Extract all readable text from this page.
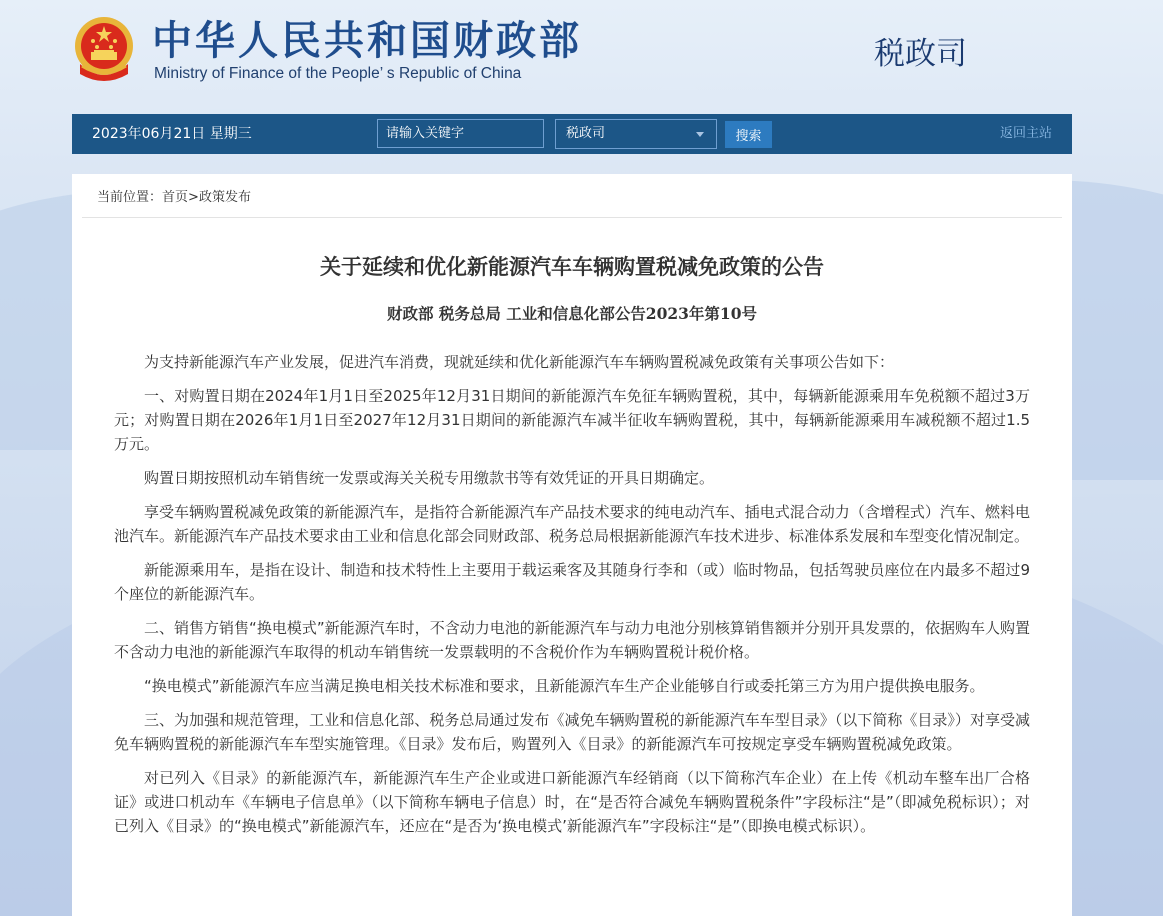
中华人民共和国财政部
Ministry of Finance of the People’ s Republic of China
税政司
2023年06月21日 星期三
请输入关键字	税政司	搜索	返回主站
当前位置：首页>政策发布
关于延续和优化新能源汽车车辆购置税减免政策的公告
财政部 税务总局 工业和信息化部公告2023年第10号

为支持新能源汽车产业发展，促进汽车消费，现就延续和优化新能源汽车车辆购置税减免政策有关事项公告如下：

一、对购置日期在2024年1月1日至2025年12月31日期间的新能源汽车免征车辆购置税，其中，每辆新能源乘用车免税额不超过3万元；对购置日期在2026年1月1日至2027年12月31日期间的新能源汽车减半征收车辆购置税，其中，每辆新能源乘用车减税额不超过1.5万元。

购置日期按照机动车销售统一发票或海关关税专用缴款书等有效凭证的开具日期确定。

享受车辆购置税减免政策的新能源汽车，是指符合新能源汽车产品技术要求的纯电动汽车、插电式混合动力（含增程式）汽车、燃料电池汽车。新能源汽车产品技术要求由工业和信息化部会同财政部、税务总局根据新能源汽车技术进步、标准体系发展和车型变化情况制定。

新能源乘用车，是指在设计、制造和技术特性上主要用于载运乘客及其随身行李和（或）临时物品，包括驾驶员座位在内最多不超过9个座位的新能源汽车。

二、销售方销售“换电模式”新能源汽车时，不含动力电池的新能源汽车与动力电池分别核算销售额并分别开具发票的，依据购车人购置不含动力电池的新能源汽车取得的机动车销售统一发票载明的不含税价作为车辆购置税计税价格。

“换电模式”新能源汽车应当满足换电相关技术标准和要求，且新能源汽车生产企业能够自行或委托第三方为用户提供换电服务。

三、为加强和规范管理，工业和信息化部、税务总局通过发布《减免车辆购置税的新能源汽车车型目录》（以下简称《目录》）对享受减免车辆购置税的新能源汽车车型实施管理。《目录》发布后，购置列入《目录》的新能源汽车可按规定享受车辆购置税减免政策。

对已列入《目录》的新能源汽车，新能源汽车生产企业或进口新能源汽车经销商（以下简称汽车企业）在上传《机动车整车出厂合格证》或进口机动车《车辆电子信息单》（以下简称车辆电子信息）时，在“是否符合减免车辆购置税条件”字段标注“是”（即减免税标识）；对已列入《目录》的“换电模式”新能源汽车，还应在“是否为‘换电模式’新能源汽车”字段标注“是”（即换电模式标识）。
